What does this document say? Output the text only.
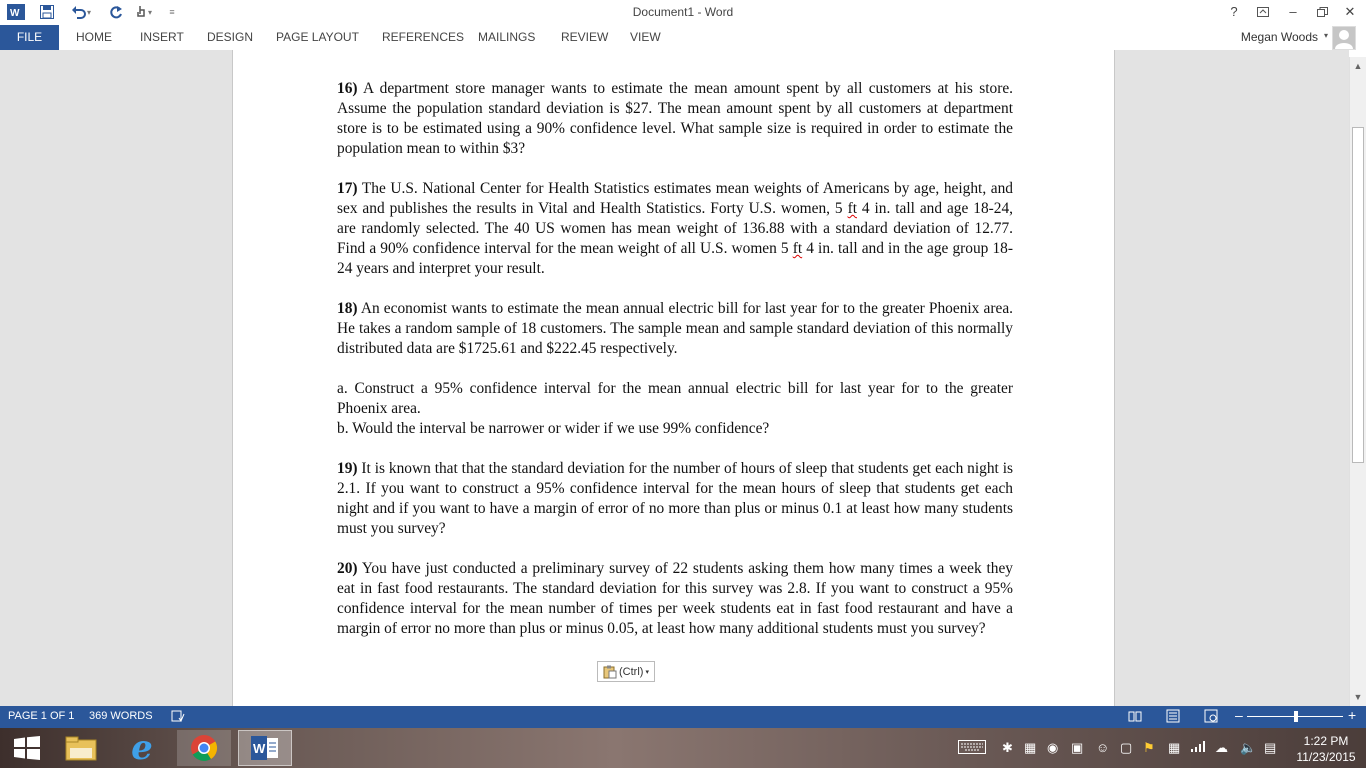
W	▾	▾	≡	Document1 - Word	?	–	✕
FILE	HOME INSERT DESIGN PAGE LAYOUT REFERENCES MAILINGS REVIEW VIEW	Megan Woods ▾

16) A department store manager wants to estimate the mean amount spent by all customers at his store. Assume the population standard deviation is $27. The mean amount spent by all customers at department store is to be estimated using a 90% confidence level. What sample size is required in order to estimate the population mean to within $3?

17) The U.S. National Center for Health Statistics estimates mean weights of Americans by age, height, and sex and publishes the results in Vital and Health Statistics. Forty U.S. women, 5 ft 4 in. tall and age 18-24, are randomly selected. The 40 US women has mean weight of 136.88 with a standard deviation of 12.77. Find a 90% confidence interval for the mean weight of all U.S. women 5 ft 4 in. tall and in the age group 18-24 years and interpret your result.

18) An economist wants to estimate the mean annual electric bill for last year for to the greater Phoenix area. He takes a random sample of 18 customers. The sample mean and sample standard deviation of this normally distributed data are $1725.61 and $222.45 respectively.

a. Construct a 95% confidence interval for the mean annual electric bill for last year for to the greater Phoenix area.

b. Would the interval be narrower or wider if we use 99% confidence?

19) It is known that that the standard deviation for the number of hours of sleep that students get each night is 2.1. If you want to construct a 95% confidence interval for the mean hours of sleep that students get each night and if you want to have a margin of error of no more than plus or minus 0.1 at least how many students must you survey?

20) You have just conducted a preliminary survey of 22 students asking them how many times a week they eat in fast food restaurants. The standard deviation for this survey was 2.8. If you want to construct a 95% confidence interval for the mean number of times per week students eat in fast food restaurant and have a margin of error no more than plus or minus 0.05, at least how many additional students must you survey?

(Ctrl) ▾
▲
▼
PAGE 1 OF 1 369 WORDS	–	+
e	W	✱ ▦ ◉ ▣ ☺ ▢ ⚑ ▦	☁ 🔈 ▤	1:22 PM
11/23/2015
